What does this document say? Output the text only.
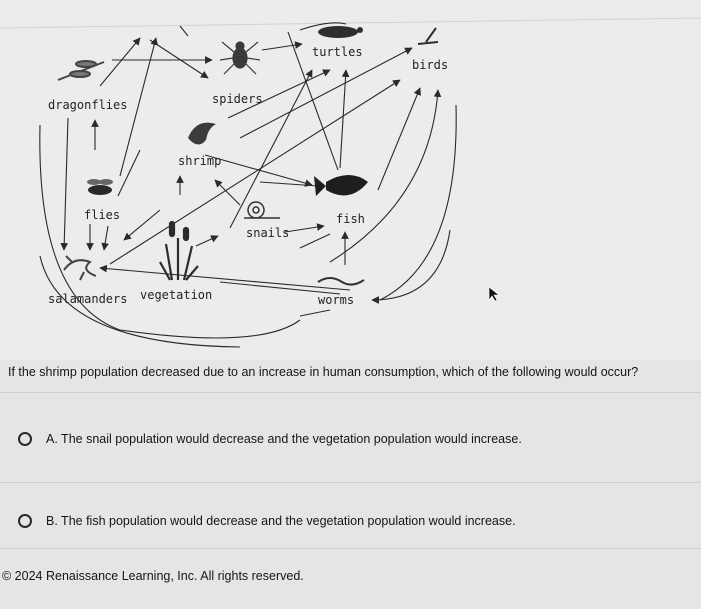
turtles
birds
dragonflies	spiders
shrimp
flies
snails
fish
salamanders vegetation	worms
If the shrimp population decreased due to an increase in human consumption, which of the following would occur?
A. The snail population would decrease and the vegetation population would increase.
B. The fish population would decrease and the vegetation population would increase.
© 2024 Renaissance Learning, Inc. All rights reserved.
